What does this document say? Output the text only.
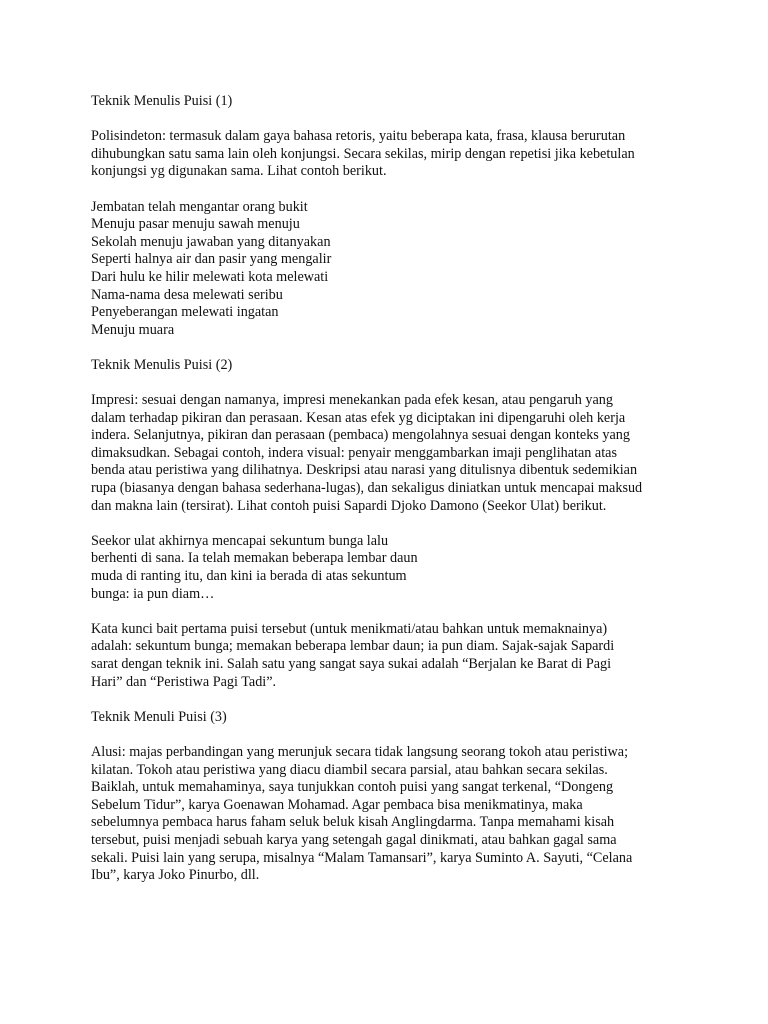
Teknik Menulis Puisi (1)
Polisindeton: termasuk dalam gaya bahasa retoris, yaitu beberapa kata, frasa, klausa berurutan
dihubungkan satu sama lain oleh konjungsi. Secara sekilas, mirip dengan repetisi jika kebetulan
konjungsi yg digunakan sama. Lihat contoh berikut.
Jembatan telah mengantar orang bukit
Menuju pasar menuju sawah menuju
Sekolah menuju jawaban yang ditanyakan
Seperti halnya air dan pasir yang mengalir
Dari hulu ke hilir melewati kota melewati
Nama-nama desa melewati seribu
Penyeberangan melewati ingatan
Menuju muara
Teknik Menulis Puisi (2)
Impresi: sesuai dengan namanya, impresi menekankan pada efek kesan, atau pengaruh yang
dalam terhadap pikiran dan perasaan. Kesan atas efek yg diciptakan ini dipengaruhi oleh kerja
indera. Selanjutnya, pikiran dan perasaan (pembaca) mengolahnya sesuai dengan konteks yang
dimaksudkan. Sebagai contoh, indera visual: penyair menggambarkan imaji penglihatan atas
benda atau peristiwa yang dilihatnya. Deskripsi atau narasi yang ditulisnya dibentuk sedemikian
rupa (biasanya dengan bahasa sederhana-lugas), dan sekaligus diniatkan untuk mencapai maksud
dan makna lain (tersirat). Lihat contoh puisi Sapardi Djoko Damono (Seekor Ulat) berikut.
Seekor ulat akhirnya mencapai sekuntum bunga lalu
berhenti di sana. Ia telah memakan beberapa lembar daun
muda di ranting itu, dan kini ia berada di atas sekuntum
bunga: ia pun diam…
Kata kunci bait pertama puisi tersebut (untuk menikmati/atau bahkan untuk memaknainya)
adalah: sekuntum bunga; memakan beberapa lembar daun; ia pun diam. Sajak-sajak Sapardi
sarat dengan teknik ini. Salah satu yang sangat saya sukai adalah “Berjalan ke Barat di Pagi
Hari” dan “Peristiwa Pagi Tadi”.
Teknik Menuli Puisi (3)
Alusi: majas perbandingan yang merunjuk secara tidak langsung seorang tokoh atau peristiwa;
kilatan. Tokoh atau peristiwa yang diacu diambil secara parsial, atau bahkan secara sekilas.
Baiklah, untuk memahaminya, saya tunjukkan contoh puisi yang sangat terkenal, “Dongeng
Sebelum Tidur”, karya Goenawan Mohamad. Agar pembaca bisa menikmatinya, maka
sebelumnya pembaca harus faham seluk beluk kisah Anglingdarma. Tanpa memahami kisah
tersebut, puisi menjadi sebuah karya yang setengah gagal dinikmati, atau bahkan gagal sama
sekali. Puisi lain yang serupa, misalnya “Malam Tamansari”, karya Suminto A. Sayuti, “Celana
Ibu”, karya Joko Pinurbo, dll.
